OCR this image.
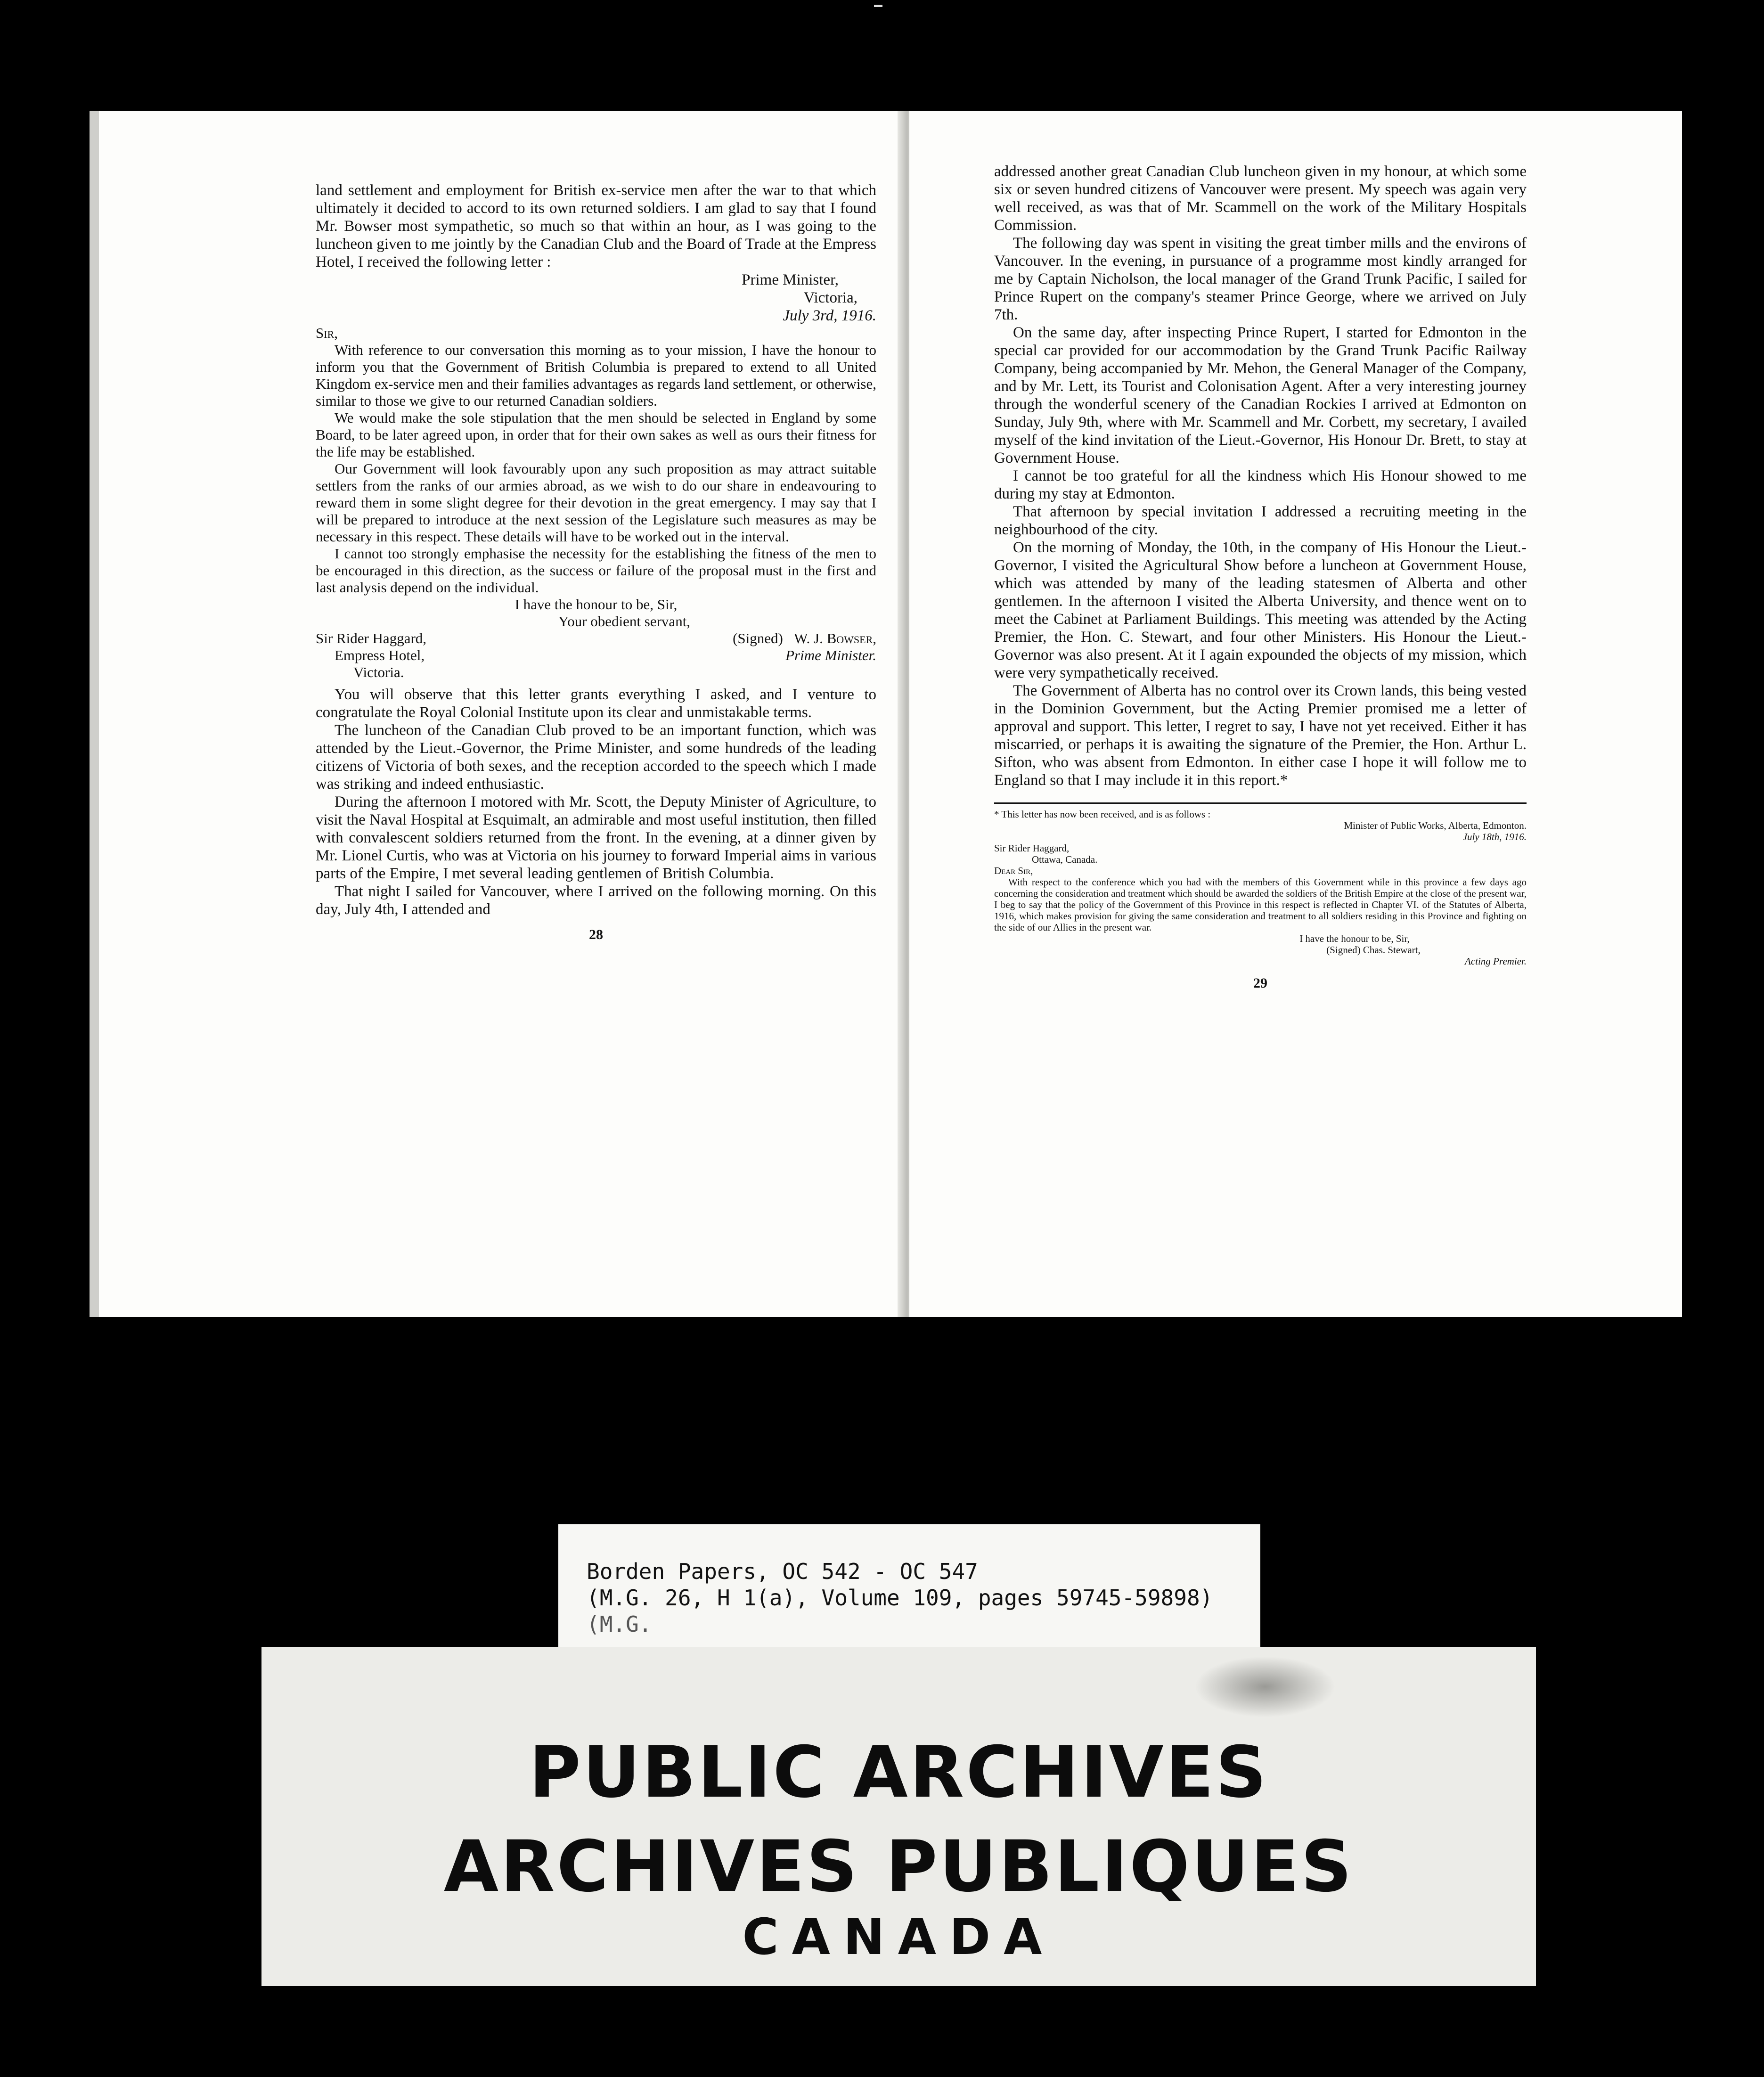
land settlement and employment for British ex-service men after the war to that which ultimately it decided to accord to its own returned soldiers. I am glad to say that I found Mr. Bowser most sympathetic, so much so that within an hour, as I was going to the luncheon given to me jointly by the Canadian Club and the Board of Trade at the Empress Hotel, I received the following letter :

Prime Minister,
Victoria,
July 3rd, 1916.
Sir,

With reference to our conversation this morning as to your mission, I have the honour to inform you that the Government of British Columbia is prepared to extend to all United Kingdom ex-service men and their families advantages as regards land settlement, or otherwise, similar to those we give to our returned Canadian soldiers.

We would make the sole stipulation that the men should be selected in England by some Board, to be later agreed upon, in order that for their own sakes as well as ours their fitness for the life may be established.

Our Government will look favourably upon any such proposition as may attract suitable settlers from the ranks of our armies abroad, as we wish to do our share in endeavouring to reward them in some slight degree for their devotion in the great emergency. I may say that I will be prepared to introduce at the next session of the Legislature such measures as may be necessary in this respect. These details will have to be worked out in the interval.

I cannot too strongly emphasise the necessity for the establishing the fitness of the men to be encouraged in this direction, as the success or failure of the proposal must in the first and last analysis depend on the individual.

I have the honour to be, Sir,
Your obedient servant,
Sir Rider Haggard,
Empress Hotel,
Victoria.
(Signed) W. J. Bowser,
Prime Minister.

You will observe that this letter grants everything I asked, and I venture to congratulate the Royal Colonial Institute upon its clear and unmistakable terms.

The luncheon of the Canadian Club proved to be an important function, which was attended by the Lieut.-Governor, the Prime Minister, and some hundreds of the leading citizens of Victoria of both sexes, and the reception accorded to the speech which I made was striking and indeed enthusiastic.

During the afternoon I motored with Mr. Scott, the Deputy Minister of Agriculture, to visit the Naval Hospital at Esquimalt, an admirable and most useful institution, then filled with convalescent soldiers returned from the front. In the evening, at a dinner given by Mr. Lionel Curtis, who was at Victoria on his journey to forward Imperial aims in various parts of the Empire, I met several leading gentlemen of British Columbia.

That night I sailed for Vancouver, where I arrived on the following morning. On this day, July 4th, I attended and

28

addressed another great Canadian Club luncheon given in my honour, at which some six or seven hundred citizens of Vancouver were present. My speech was again very well received, as was that of Mr. Scammell on the work of the Military Hospitals Commission.

The following day was spent in visiting the great timber mills and the environs of Vancouver. In the evening, in pursuance of a programme most kindly arranged for me by Captain Nicholson, the local manager of the Grand Trunk Pacific, I sailed for Prince Rupert on the company's steamer Prince George, where we arrived on July 7th.

On the same day, after inspecting Prince Rupert, I started for Edmonton in the special car provided for our accommodation by the Grand Trunk Pacific Railway Company, being accompanied by Mr. Mehon, the General Manager of the Company, and by Mr. Lett, its Tourist and Colonisation Agent. After a very interesting journey through the wonderful scenery of the Canadian Rockies I arrived at Edmonton on Sunday, July 9th, where with Mr. Scammell and Mr. Corbett, my secretary, I availed myself of the kind invitation of the Lieut.-Governor, His Honour Dr. Brett, to stay at Government House.

I cannot be too grateful for all the kindness which His Honour showed to me during my stay at Edmonton.

That afternoon by special invitation I addressed a recruiting meeting in the neighbourhood of the city.

On the morning of Monday, the 10th, in the company of His Honour the Lieut.-Governor, I visited the Agricultural Show before a luncheon at Government House, which was attended by many of the leading statesmen of Alberta and other gentlemen. In the afternoon I visited the Alberta University, and thence went on to meet the Cabinet at Parliament Buildings. This meeting was attended by the Acting Premier, the Hon. C. Stewart, and four other Ministers. His Honour the Lieut.-Governor was also present. At it I again expounded the objects of my mission, which were very sympathetically received.

The Government of Alberta has no control over its Crown lands, this being vested in the Dominion Government, but the Acting Premier promised me a letter of approval and support. This letter, I regret to say, I have not yet received. Either it has miscarried, or perhaps it is awaiting the signature of the Premier, the Hon. Arthur L. Sifton, who was absent from Edmonton. In either case I hope it will follow me to England so that I may include it in this report.*

* This letter has now been received, and is as follows :

Minister of Public Works, Alberta, Edmonton.

July 18th, 1916.

Sir Rider Haggard,

Ottawa, Canada.

Dear Sir,

With respect to the conference which you had with the members of this Government while in this province a few days ago concerning the consideration and treatment which should be awarded the soldiers of the British Empire at the close of the present war, I beg to say that the policy of the Government of this Province in this respect is reflected in Chapter VI. of the Statutes of Alberta, 1916, which makes provision for giving the same consideration and treatment to all soldiers residing in this Province and fighting on the side of our Allies in the present war.

I have the honour to be, Sir,

(Signed) Chas. Stewart,

Acting Premier.

29
Borden Papers, OC 542 - OC 547
(M.G. 26, H 1(a), Volume 109, pages 59745-59898)
(M.G.
PUBLIC ARCHIVES
ARCHIVES PUBLIQUES
CANADA
